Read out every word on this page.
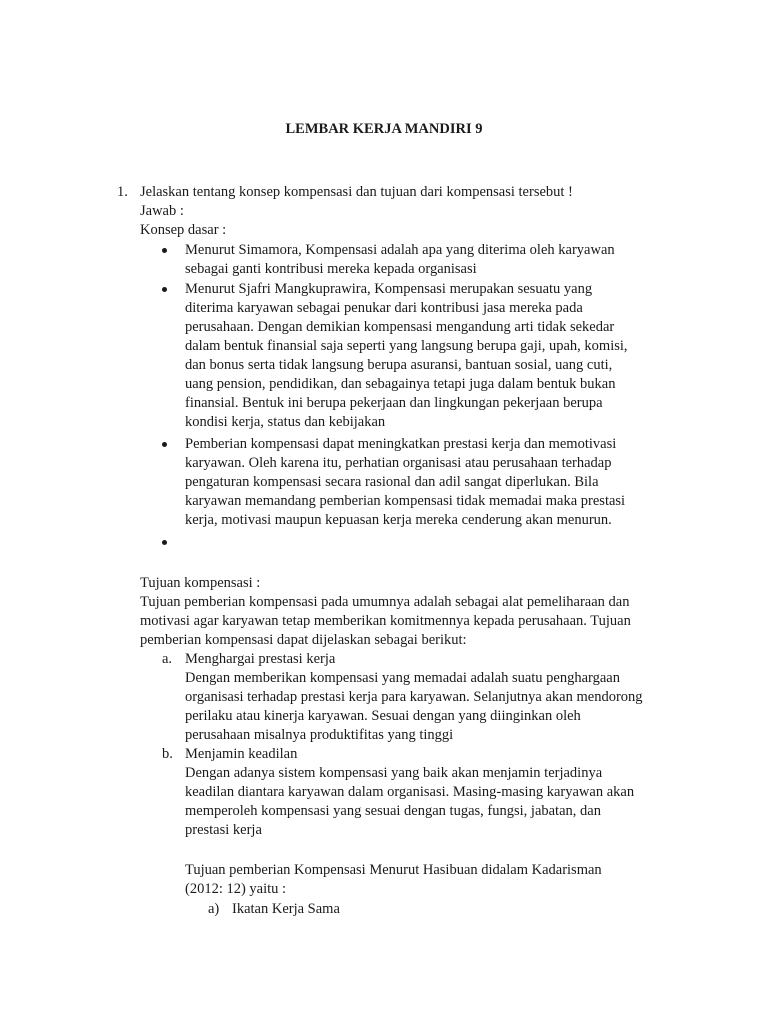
LEMBAR KERJA MANDIRI 9
1. Jelaskan tentang konsep kompensasi dan tujuan dari kompensasi tersebut !
Jawab :
Konsep dasar :
Menurut Simamora, Kompensasi adalah apa yang diterima oleh karyawan
sebagai ganti kontribusi mereka kepada organisasi
Menurut Sjafri Mangkuprawira, Kompensasi merupakan sesuatu yang
diterima karyawan sebagai penukar dari kontribusi jasa mereka pada
perusahaan. Dengan demikian kompensasi mengandung arti tidak sekedar
dalam bentuk finansial saja seperti yang langsung berupa gaji, upah, komisi,
dan bonus serta tidak langsung berupa asuransi, bantuan sosial, uang cuti,
uang pension, pendidikan, dan sebagainya tetapi juga dalam bentuk bukan
finansial. Bentuk ini berupa pekerjaan dan lingkungan pekerjaan berupa
kondisi kerja, status dan kebijakan
Pemberian kompensasi dapat meningkatkan prestasi kerja dan memotivasi
karyawan. Oleh karena itu, perhatian organisasi atau perusahaan terhadap
pengaturan kompensasi secara rasional dan adil sangat diperlukan. Bila
karyawan memandang pemberian kompensasi tidak memadai maka prestasi
kerja, motivasi maupun kepuasan kerja mereka cenderung akan menurun.
Tujuan kompensasi :
Tujuan pemberian kompensasi pada umumnya adalah sebagai alat pemeliharaan dan
motivasi agar karyawan tetap memberikan komitmennya kepada perusahaan. Tujuan
pemberian kompensasi dapat dijelaskan sebagai berikut:
a. Menghargai prestasi kerja
Dengan memberikan kompensasi yang memadai adalah suatu penghargaan
organisasi terhadap prestasi kerja para karyawan. Selanjutnya akan mendorong
perilaku atau kinerja karyawan. Sesuai dengan yang diinginkan oleh
perusahaan misalnya produktifitas yang tinggi
b. Menjamin keadilan
Dengan adanya sistem kompensasi yang baik akan menjamin terjadinya
keadilan diantara karyawan dalam organisasi. Masing-masing karyawan akan
memperoleh kompensasi yang sesuai dengan tugas, fungsi, jabatan, dan
prestasi kerja
Tujuan pemberian Kompensasi Menurut Hasibuan didalam Kadarisman
(2012: 12) yaitu :
a) Ikatan Kerja Sama
